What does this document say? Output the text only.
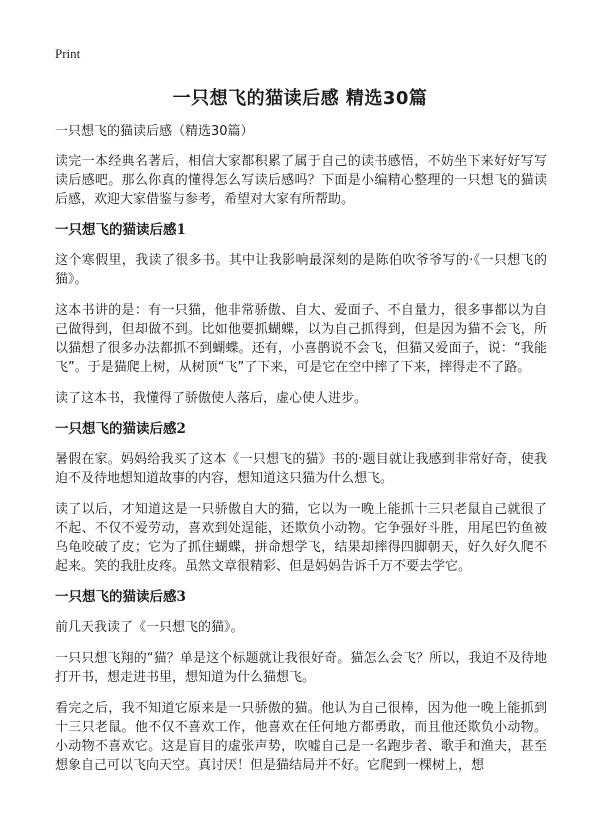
Print
一只想飞的猫读后感 精选30篇

一只想飞的猫读后感（精选30篇）

读完一本经典名著后，相信大家都积累了属于自己的读书感悟，不妨坐下来好好写写读后感吧。那么你真的懂得怎么写读后感吗？下面是小编精心整理的一只想飞的猫读后感，欢迎大家借鉴与参考，希望对大家有所帮助。

一只想飞的猫读后感1

这个寒假里，我读了很多书。其中让我影响最深刻的是陈伯吹爷爷写的·《一只想飞的猫》。

这本书讲的是：有一只猫，他非常骄傲、自大、爱面子、不自量力，很多事都以为自己做得到，但却做不到。比如他要抓蝴蝶，以为自己抓得到，但是因为猫不会飞，所以猫想了很多办法都抓不到蝴蝶。还有，小喜鹊说不会飞，但猫又爱面子，说：“我能飞”。于是猫爬上树，从树顶“飞”了下来，可是它在空中摔了下来，摔得走不了路。

读了这本书，我懂得了骄傲使人落后，虚心使人进步。

一只想飞的猫读后感2

暑假在家。妈妈给我买了这本《一只想飞的猫》书的·题目就让我感到非常好奇，使我迫不及待地想知道故事的内容，想知道这只猫为什么想飞。

读了以后，才知道这是一只骄傲自大的猫，它以为一晚上能抓十三只老鼠自己就很了不起、不仅不爱劳动，喜欢到处逞能，还欺负小动物。它争强好斗胜，用尾巴钓鱼被乌龟咬破了皮；它为了抓住蝴蝶，拼命想学飞，结果却摔得四脚朝天，好久好久爬不起来。笑的我肚皮疼。虽然文章很精彩、但是妈妈告诉千万不要去学它。

一只想飞的猫读后感3

前几天我读了《一只想飞的猫》。

一只只想飞翔的“猫？单是这个标题就让我很好奇。猫怎么会飞？所以，我迫不及待地打开书，想走进书里，想知道为什么猫想飞。

看完之后，我不知道它原来是一只骄傲的猫。他认为自己很棒，因为他一晚上能抓到十三只老鼠。他不仅不喜欢工作，他喜欢在任何地方都勇敢，而且他还欺负小动物。小动物不喜欢它。这是盲目的虚张声势，吹嘘自己是一名跑步者、歌手和渔夫，甚至想象自己可以飞向天空。真讨厌！但是猫结局并不好。它爬到一棵树上，想
